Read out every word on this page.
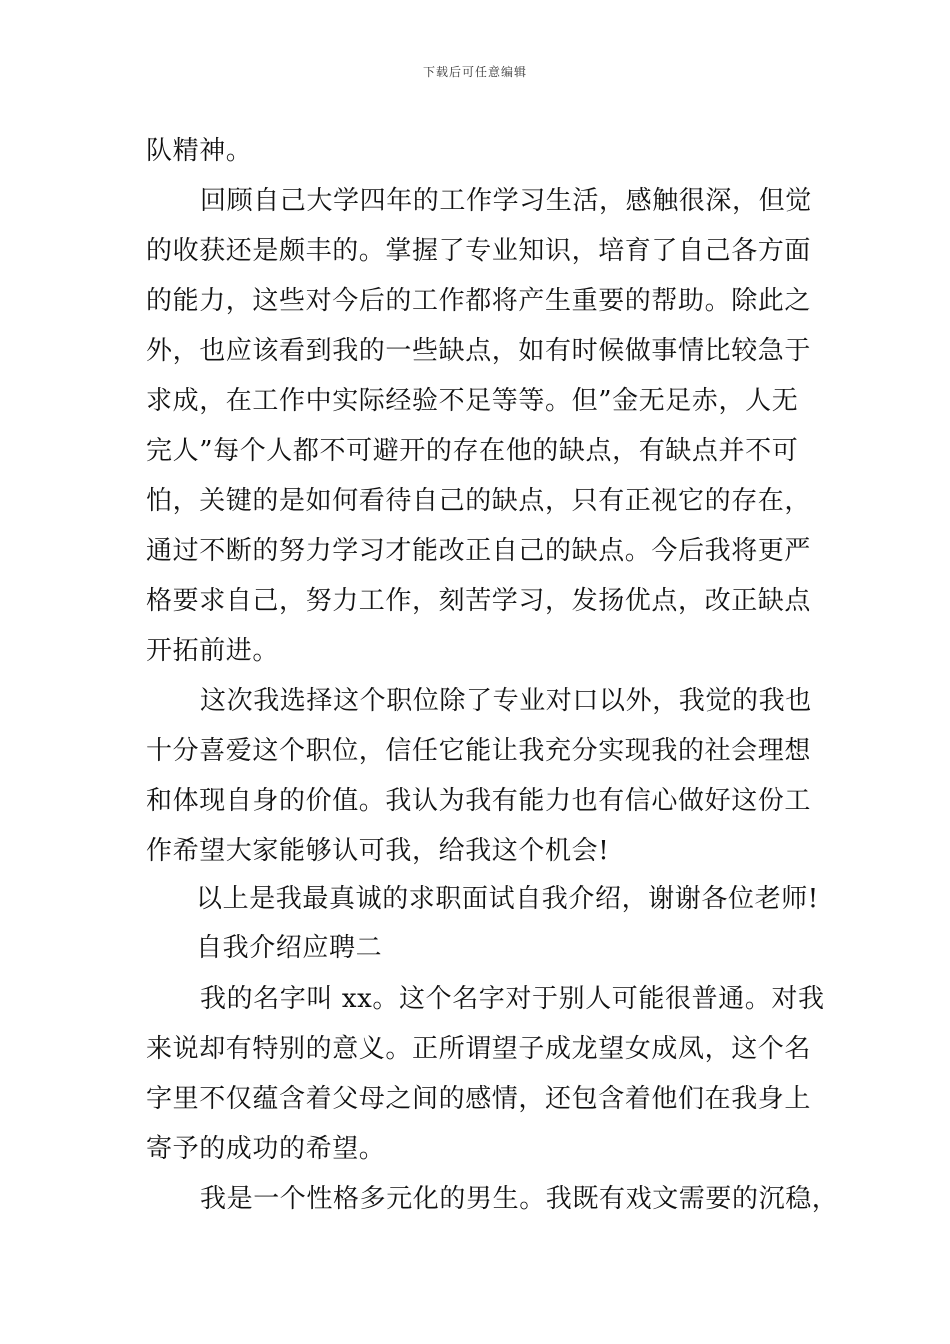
下载后可任意编辑
队精神。
回顾自己大学四年的工作学习生活，感触很深，但觉
的收获还是颇丰的。掌握了专业知识，培育了自己各方面
的能力，这些对今后的工作都将产生重要的帮助。除此之
外，也应该看到我的一些缺点，如有时候做事情比较急于
求成，在工作中实际经验不足等等。但”金无足赤，人无
完人”每个人都不可避开的存在他的缺点，有缺点并不可
怕，关键的是如何看待自己的缺点，只有正视它的存在，
通过不断的努力学习才能改正自己的缺点。今后我将更严
格要求自己，努力工作，刻苦学习，发扬优点，改正缺点
开拓前进。
这次我选择这个职位除了专业对口以外，我觉的我也
十分喜爱这个职位，信任它能让我充分实现我的社会理想
和体现自身的价值。我认为我有能力也有信心做好这份工
作希望大家能够认可我，给我这个机会!
以上是我最真诚的求职面试自我介绍，谢谢各位老师!
自我介绍应聘二
我的名字叫 xx。这个名字对于别人可能很普通。对我
来说却有特别的意义。正所谓望子成龙望女成凤，这个名
字里不仅蕴含着父母之间的感情，还包含着他们在我身上
寄予的成功的希望。
我是一个性格多元化的男生。我既有戏文需要的沉稳，
